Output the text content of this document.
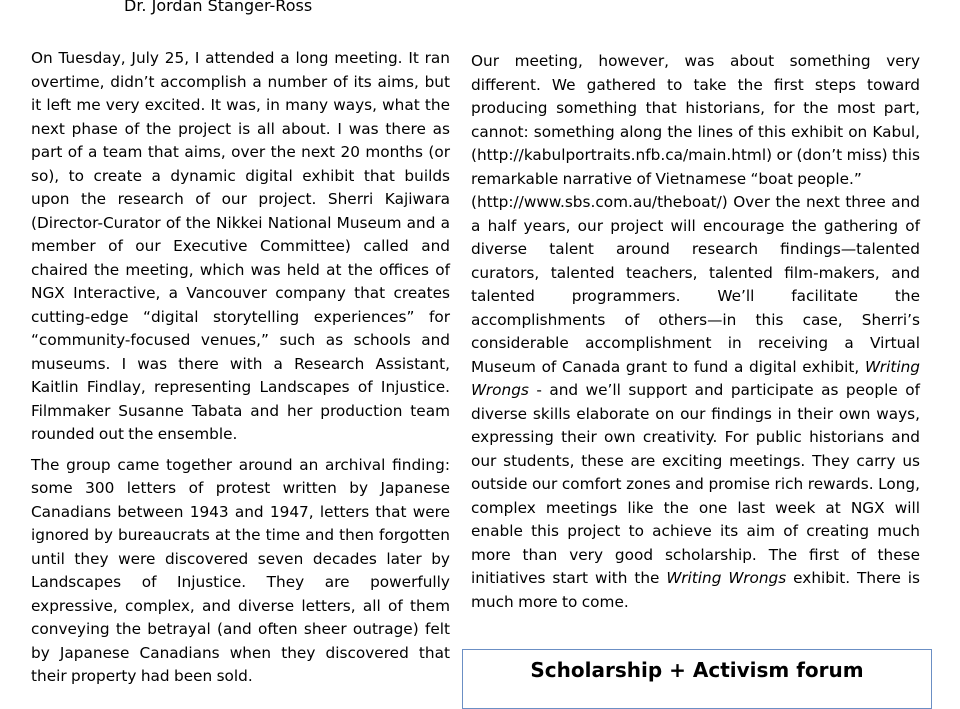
Dr. Jordan Stanger-Ross

On Tuesday, July 25, I attended a long meeting. It ran overtime, didn’t accomplish a number of its aims, but it left me very excited. It was, in many ways, what the next phase of the project is all about. I was there as part of a team that aims, over the next 20 months (or so), to create a dynamic digital exhibit that builds upon the research of our project. Sherri Kajiwara (Director-Curator of the Nikkei National Museum and a member of our Executive Committee) called and chaired the meeting, which was held at the offices of NGX Interactive, a Vancouver company that creates cutting-edge “digital storytelling experiences” for “community-focused venues,” such as schools and museums. I was there with a Research Assistant, Kaitlin Findlay, representing Landscapes of Injustice. Filmmaker Susanne Tabata and her production team rounded out the ensemble.

The group came together around an archival finding: some 300 letters of protest written by Japanese Canadians between 1943 and 1947, letters that were ignored by bureaucrats at the time and then forgotten until they were discovered seven decades later by Landscapes of Injustice. They are powerfully expressive, complex, and diverse letters, all of them conveying the betrayal (and often sheer outrage) felt by Japanese Canadians when they discovered that their property had been sold.

Our meeting, however, was about something very different. We gathered to take the first steps toward producing something that historians, for the most part, cannot: something along the lines of this exhibit on Kabul,(http://kabulportraits.nfb.ca/main.html) or (don’t miss) this remarkable narrative of Vietnamese “boat people.”
(http://www.sbs.com.au/theboat/) Over the next three and a half years, our project will encourage the gathering of diverse talent around research findings—talented curators, talented teachers, talented film-makers, and talented programmers. We’ll facilitate the accomplishments of others—in this case, Sherri’s considerable accomplishment in receiving a Virtual Museum of Canada grant to fund a digital exhibit, Writing Wrongs - and we’ll support and participate as people of diverse skills elaborate on our findings in their own ways, expressing their own creativity. For public historians and our students, these are exciting meetings. They carry us outside our comfort zones and promise rich rewards. Long, complex meetings like the one last week at NGX will enable this project to achieve its aim of creating much more than very good scholarship. The first of these initiatives start with the Writing Wrongs exhibit. There is much more to come.

Scholarship + Activism forum
